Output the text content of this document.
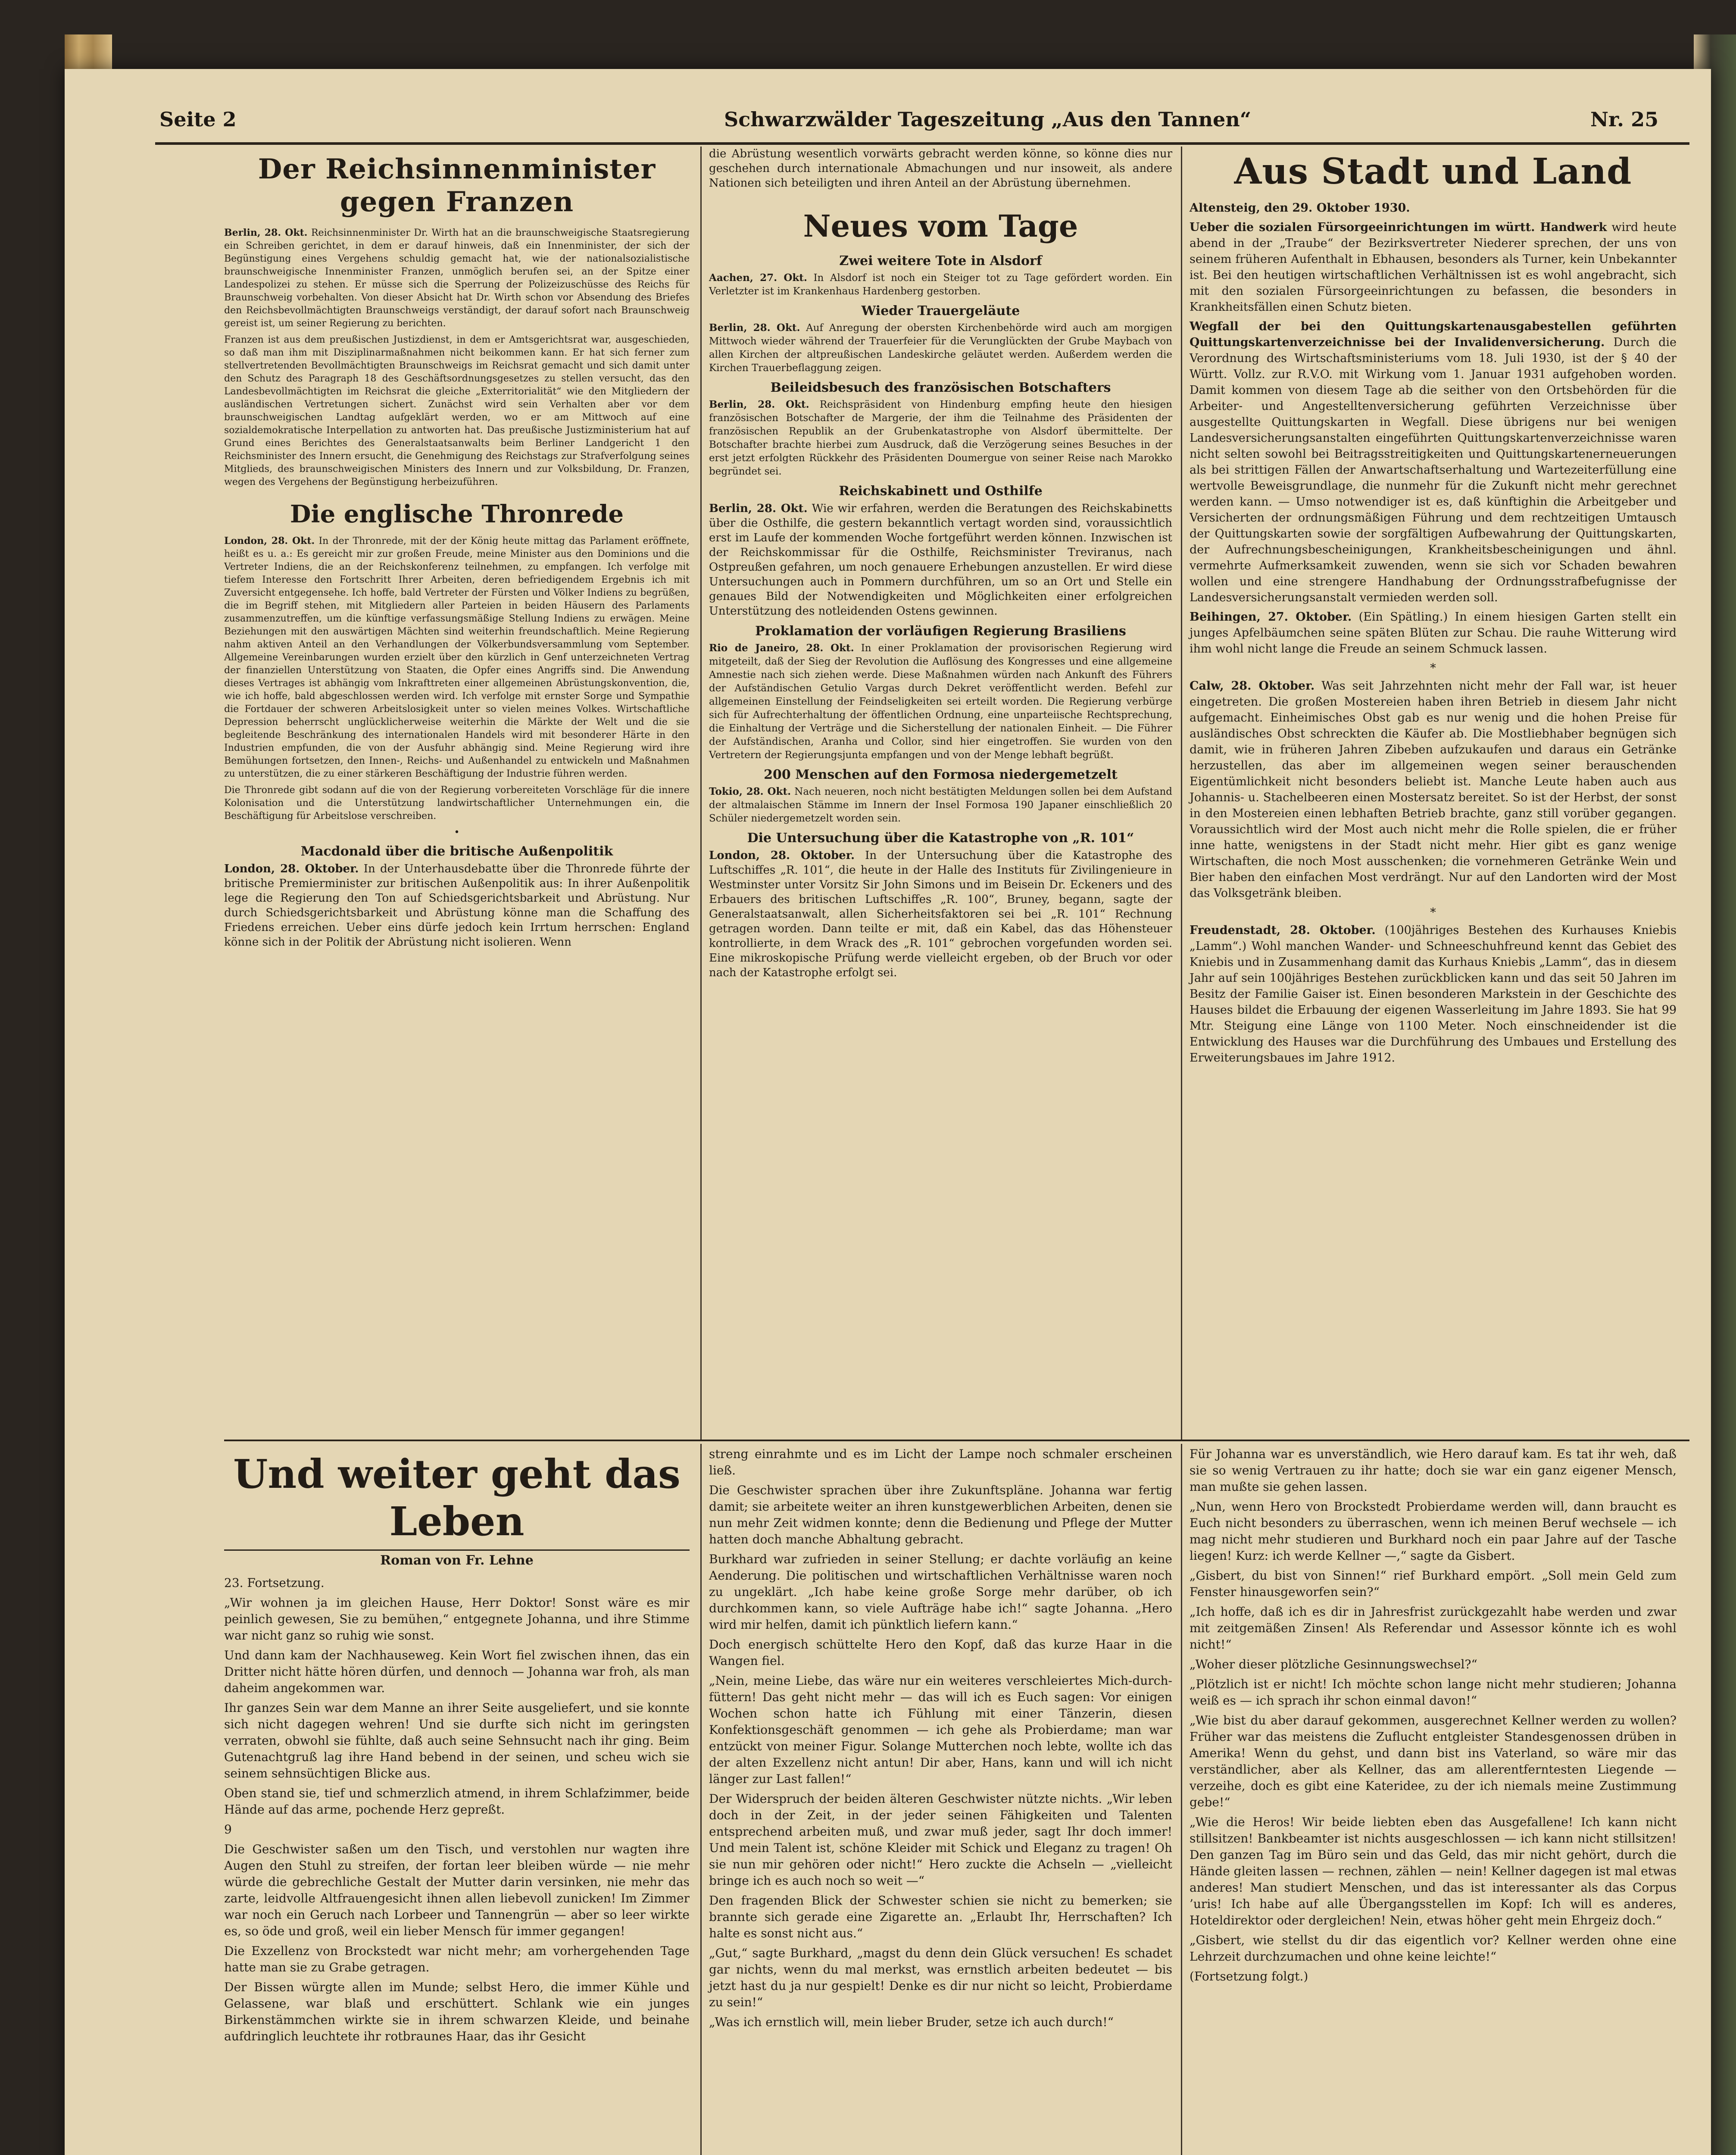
Seite 2	Schwarzwälder Tageszeitung „Aus den Tannen“	Nr. 25
Der Reichsinnenminister gegen Franzen

Berlin, 28. Okt. Reichsinnenminister Dr. Wirth hat an die braunschweigische Staatsregierung ein Schreiben gerichtet, in dem er darauf hinweis, daß ein Innenminister, der sich der Begünstigung eines Vergehens schuldig gemacht hat, wie der nationalsozialistische braunschweigische Innenminister Franzen, unmöglich berufen sei, an der Spitze einer Landespolizei zu stehen. Er müsse sich die Sperrung der Polizeizuschüsse des Reichs für Braunschweig vorbehalten. Von dieser Absicht hat Dr. Wirth schon vor Absendung des Briefes den Reichsbevollmächtigten Braunschweigs verständigt, der darauf sofort nach Braunschweig gereist ist, um seiner Regierung zu berichten.

Franzen ist aus dem preußischen Justizdienst, in dem er Amtsgerichtsrat war, ausgeschieden, so daß man ihm mit Disziplinarmaßnahmen nicht beikommen kann. Er hat sich ferner zum stellvertretenden Bevollmächtigten Braunschweigs im Reichsrat gemacht und sich damit unter den Schutz des Paragraph 18 des Geschäftsordnungsgesetzes zu stellen versucht, das den Landesbevollmächtigten im Reichsrat die gleiche „Exterritorialität“ wie den Mitgliedern der ausländischen Vertretungen sichert. Zunächst wird sein Verhalten aber vor dem braunschweigischen Landtag aufgeklärt werden, wo er am Mittwoch auf eine sozialdemokratische Interpellation zu antworten hat. Das preußische Justizministerium hat auf Grund eines Berichtes des Generalstaatsanwalts beim Berliner Landgericht 1 den Reichsminister des Innern ersucht, die Genehmigung des Reichstags zur Strafverfolgung seines Mitglieds, des braunschweigischen Ministers des Innern und zur Volksbildung, Dr. Franzen, wegen des Vergehens der Begünstigung herbeizuführen.

Die englische Thronrede

London, 28. Okt. In der Thronrede, mit der der König heute mittag das Parlament eröffnete, heißt es u. a.: Es gereicht mir zur großen Freude, meine Minister aus den Dominions und die Vertreter Indiens, die an der Reichskonferenz teilnehmen, zu empfangen. Ich verfolge mit tiefem Interesse den Fortschritt Ihrer Arbeiten, deren befriedigendem Ergebnis ich mit Zuversicht entgegensehe. Ich hoffe, bald Vertreter der Fürsten und Völker Indiens zu begrüßen, die im Begriff stehen, mit Mitgliedern aller Parteien in beiden Häusern des Parlaments zusammenzutreffen, um die künftige verfassungsmäßige Stellung Indiens zu erwägen. Meine Beziehungen mit den auswärtigen Mächten sind weiterhin freundschaftlich. Meine Regierung nahm aktiven Anteil an den Verhandlungen der Völkerbundsversammlung vom September. Allgemeine Vereinbarungen wurden erzielt über den kürzlich in Genf unterzeichneten Vertrag der finanziellen Unterstützung von Staaten, die Opfer eines Angriffs sind. Die Anwendung dieses Vertrages ist abhängig vom Inkrafttreten einer allgemeinen Abrüstungskonvention, die, wie ich hoffe, bald abgeschlossen werden wird. Ich verfolge mit ernster Sorge und Sympathie die Fortdauer der schweren Arbeitslosigkeit unter so vielen meines Volkes. Wirtschaftliche Depression beherrscht unglücklicherweise weiterhin die Märkte der Welt und die sie begleitende Beschränkung des internationalen Handels wird mit besonderer Härte in den Industrien empfunden, die von der Ausfuhr abhängig sind. Meine Regierung wird ihre Bemühungen fortsetzen, den Innen-, Reichs- und Außenhandel zu entwickeln und Maßnahmen zu unterstützen, die zu einer stärkeren Beschäftigung der Industrie führen werden.

Die Thronrede gibt sodann auf die von der Regierung vorbereiteten Vorschläge für die innere Kolonisation und die Unterstützung landwirtschaftlicher Unternehmungen ein, die Beschäftigung für Arbeitslose verschreiben.

•
Macdonald über die britische Außenpolitik

London, 28. Oktober. In der Unterhausdebatte über die Thronrede führte der britische Premierminister zur britischen Außenpolitik aus: In ihrer Außenpolitik lege die Regierung den Ton auf Schiedsgerichtsbarkeit und Abrüstung. Nur durch Schiedsgerichtsbarkeit und Abrüstung könne man die Schaffung des Friedens erreichen. Ueber eins dürfe jedoch kein Irrtum herrschen: England könne sich in der Politik der Abrüstung nicht isolieren. Wenn

die Abrüstung wesentlich vorwärts gebracht werden könne, so könne dies nur geschehen durch internationale Abmachungen und nur insoweit, als andere Nationen sich beteiligten und ihren Anteil an der Abrüstung übernehmen.

Neues vom Tage
Zwei weitere Tote in Alsdorf

Aachen, 27. Okt. In Alsdorf ist noch ein Steiger tot zu Tage gefördert worden. Ein Verletzter ist im Krankenhaus Hardenberg gestorben.

Wieder Trauergeläute

Berlin, 28. Okt. Auf Anregung der obersten Kirchenbehörde wird auch am morgigen Mittwoch wieder während der Trauerfeier für die Verunglückten der Grube Maybach von allen Kirchen der altpreußischen Landeskirche geläutet werden. Außerdem werden die Kirchen Trauerbeflaggung zeigen.

Beileidsbesuch des französischen Botschafters

Berlin, 28. Okt. Reichspräsident von Hindenburg empfing heute den hiesigen französischen Botschafter de Margerie, der ihm die Teilnahme des Präsidenten der französischen Republik an der Grubenkatastrophe von Alsdorf übermittelte. Der Botschafter brachte hierbei zum Ausdruck, daß die Verzögerung seines Besuches in der erst jetzt erfolgten Rückkehr des Präsidenten Doumergue von seiner Reise nach Marokko begründet sei.

Reichskabinett und Osthilfe

Berlin, 28. Okt. Wie wir erfahren, werden die Beratungen des Reichskabinetts über die Osthilfe, die gestern bekanntlich vertagt worden sind, voraussichtlich erst im Laufe der kommenden Woche fortgeführt werden können. Inzwischen ist der Reichskommissar für die Osthilfe, Reichsminister Treviranus, nach Ostpreußen gefahren, um noch genauere Erhebungen anzustellen. Er wird diese Untersuchungen auch in Pommern durchführen, um so an Ort und Stelle ein genaues Bild der Notwendigkeiten und Möglichkeiten einer erfolgreichen Unterstützung des notleidenden Ostens gewinnen.

Proklamation der vorläufigen Regierung Brasiliens

Rio de Janeiro, 28. Okt. In einer Proklamation der provisorischen Regierung wird mitgeteilt, daß der Sieg der Revolution die Auflösung des Kongresses und eine allgemeine Amnestie nach sich ziehen werde. Diese Maßnahmen würden nach Ankunft des Führers der Aufständischen Getulio Vargas durch Dekret veröffentlicht werden. Befehl zur allgemeinen Einstellung der Feindseligkeiten sei erteilt worden. Die Regierung verbürge sich für Aufrechterhaltung der öffentlichen Ordnung, eine unparteiische Rechtsprechung, die Einhaltung der Verträge und die Sicherstellung der nationalen Einheit. — Die Führer der Aufständischen, Aranha und Collor, sind hier eingetroffen. Sie wurden von den Vertretern der Regierungsjunta empfangen und von der Menge lebhaft begrüßt.

200 Menschen auf den Formosa niedergemetzelt

Tokio, 28. Okt. Nach neueren, noch nicht bestätigten Meldungen sollen bei dem Aufstand der altmalaischen Stämme im Innern der Insel Formosa 190 Japaner einschließlich 20 Schüler niedergemetzelt worden sein.

Die Untersuchung über die Katastrophe von „R. 101“

London, 28. Oktober. In der Untersuchung über die Katastrophe des Luftschiffes „R. 101“, die heute in der Halle des Instituts für Zivilingenieure in Westminster unter Vorsitz Sir John Simons und im Beisein Dr. Eckeners und des Erbauers des britischen Luftschiffes „R. 100“, Bruney, begann, sagte der Generalstaatsanwalt, allen Sicherheitsfaktoren sei bei „R. 101“ Rechnung getragen worden. Dann teilte er mit, daß ein Kabel, das das Höhensteuer kontrollierte, in dem Wrack des „R. 101“ gebrochen vorgefunden worden sei. Eine mikroskopische Prüfung werde vielleicht ergeben, ob der Bruch vor oder nach der Katastrophe erfolgt sei.

Aus Stadt und Land

Altensteig, den 29. Oktober 1930.

Ueber die sozialen Fürsorgeeinrichtungen im württ. Handwerk wird heute abend in der „Traube“ der Bezirksvertreter Niederer sprechen, der uns von seinem früheren Aufenthalt in Ebhausen, besonders als Turner, kein Unbekannter ist. Bei den heutigen wirtschaftlichen Verhältnissen ist es wohl angebracht, sich mit den sozialen Fürsorgeeinrichtungen zu befassen, die besonders in Krankheitsfällen einen Schutz bieten.

Wegfall der bei den Quittungskartenausgabestellen geführten Quittungskartenverzeichnisse bei der Invalidenversicherung. Durch die Verordnung des Wirtschaftsministeriums vom 18. Juli 1930, ist der § 40 der Württ. Vollz. zur R.V.O. mit Wirkung vom 1. Januar 1931 aufgehoben worden. Damit kommen von diesem Tage ab die seither von den Ortsbehörden für die Arbeiter- und Angestelltenversicherung geführten Verzeichnisse über ausgestellte Quittungskarten in Wegfall. Diese übrigens nur bei wenigen Landesversicherungsanstalten eingeführten Quittungskartenverzeichnisse waren nicht selten sowohl bei Beitragsstreitigkeiten und Quittungskartenerneuerungen als bei strittigen Fällen der Anwartschaftserhaltung und Wartezeiterfüllung eine wertvolle Beweisgrundlage, die nunmehr für die Zukunft nicht mehr gerechnet werden kann. — Umso notwendiger ist es, daß künftighin die Arbeitgeber und Versicherten der ordnungsmäßigen Führung und dem rechtzeitigen Umtausch der Quittungskarten sowie der sorgfältigen Aufbewahrung der Quittungskarten, der Aufrechnungsbescheinigungen, Krankheitsbescheinigungen und ähnl. vermehrte Aufmerksamkeit zuwenden, wenn sie sich vor Schaden bewahren wollen und eine strengere Handhabung der Ordnungsstrafbefugnisse der Landesversicherungsanstalt vermieden werden soll.

Beihingen, 27. Oktober. (Ein Spätling.) In einem hiesigen Garten stellt ein junges Apfelbäumchen seine späten Blüten zur Schau. Die rauhe Witterung wird ihm wohl nicht lange die Freude an seinem Schmuck lassen.

*

Calw, 28. Oktober. Was seit Jahrzehnten nicht mehr der Fall war, ist heuer eingetreten. Die großen Mostereien haben ihren Betrieb in diesem Jahr nicht aufgemacht. Einheimisches Obst gab es nur wenig und die hohen Preise für ausländisches Obst schreckten die Käufer ab. Die Mostliebhaber begnügen sich damit, wie in früheren Jahren Zibeben aufzukaufen und daraus ein Getränke herzustellen, das aber im allgemeinen wegen seiner berauschenden Eigentümlichkeit nicht besonders beliebt ist. Manche Leute haben auch aus Johannis- u. Stachelbeeren einen Mostersatz bereitet. So ist der Herbst, der sonst in den Mostereien einen lebhaften Betrieb brachte, ganz still vorüber gegangen. Voraussichtlich wird der Most auch nicht mehr die Rolle spielen, die er früher inne hatte, wenigstens in der Stadt nicht mehr. Hier gibt es ganz wenige Wirtschaften, die noch Most ausschenken; die vornehmeren Getränke Wein und Bier haben den einfachen Most verdrängt. Nur auf den Landorten wird der Most das Volksgetränk bleiben.

*

Freudenstadt, 28. Oktober. (100jähriges Bestehen des Kurhauses Kniebis „Lamm“.) Wohl manchen Wander- und Schneeschuhfreund kennt das Gebiet des Kniebis und in Zusammenhang damit das Kurhaus Kniebis „Lamm“, das in diesem Jahr auf sein 100jähriges Bestehen zurückblicken kann und das seit 50 Jahren im Besitz der Familie Gaiser ist. Einen besonderen Markstein in der Geschichte des Hauses bildet die Erbauung der eigenen Wasserleitung im Jahre 1893. Sie hat 99 Mtr. Steigung eine Länge von 1100 Meter. Noch einschneidender ist die Entwicklung des Hauses war die Durchführung des Umbaues und Erstellung des Erweiterungsbaues im Jahre 1912.

Und weiter geht das Leben
Roman von Fr. Lehne

23. Fortsetzung.

„Wir wohnen ja im gleichen Hause, Herr Doktor! Sonst wäre es mir peinlich gewesen, Sie zu bemühen,“ entgegnete Johanna, und ihre Stimme war nicht ganz so ruhig wie sonst.

Und dann kam der Nachhauseweg. Kein Wort fiel zwischen ihnen, das ein Dritter nicht hätte hören dürfen, und dennoch — Johanna war froh, als man daheim angekommen war.

Ihr ganzes Sein war dem Manne an ihrer Seite ausgeliefert, und sie konnte sich nicht dagegen wehren! Und sie durfte sich nicht im geringsten verraten, obwohl sie fühlte, daß auch seine Sehnsucht nach ihr ging. Beim Gutenachtgruß lag ihre Hand bebend in der seinen, und scheu wich sie seinem sehnsüchtigen Blicke aus.

Oben stand sie, tief und schmerzlich atmend, in ihrem Schlafzimmer, beide Hände auf das arme, pochende Herz gepreßt.

9

Die Geschwister saßen um den Tisch, und verstohlen nur wagten ihre Augen den Stuhl zu streifen, der fortan leer bleiben würde — nie mehr würde die gebrechliche Gestalt der Mutter darin versinken, nie mehr das zarte, leidvolle Altfrauengesicht ihnen allen liebevoll zunicken! Im Zimmer war noch ein Geruch nach Lorbeer und Tannengrün — aber so leer wirkte es, so öde und groß, weil ein lieber Mensch für immer gegangen!

Die Exzellenz von Brockstedt war nicht mehr; am vorhergehenden Tage hatte man sie zu Grabe getragen.

Der Bissen würgte allen im Munde; selbst Hero, die immer Kühle und Gelassene, war blaß und erschüttert. Schlank wie ein junges Birkenstämmchen wirkte sie in ihrem schwarzen Kleide, und beinahe aufdringlich leuchtete ihr rotbraunes Haar, das ihr Gesicht

streng einrahmte und es im Licht der Lampe noch schmaler erscheinen ließ.

Die Geschwister sprachen über ihre Zukunftspläne. Johanna war fertig damit; sie arbeitete weiter an ihren kunstgewerblichen Arbeiten, denen sie nun mehr Zeit widmen konnte; denn die Bedienung und Pflege der Mutter hatten doch manche Abhaltung gebracht.

Burkhard war zufrieden in seiner Stellung; er dachte vorläufig an keine Aenderung. Die politischen und wirtschaftlichen Verhältnisse waren noch zu ungeklärt. „Ich habe keine große Sorge mehr darüber, ob ich durchkommen kann, so viele Aufträge habe ich!“ sagte Johanna. „Hero wird mir helfen, damit ich pünktlich liefern kann.“

Doch energisch schüttelte Hero den Kopf, daß das kurze Haar in die Wangen fiel.

„Nein, meine Liebe, das wäre nur ein weiteres verschleiertes Mich-durch-füttern! Das geht nicht mehr — das will ich es Euch sagen: Vor einigen Wochen schon hatte ich Fühlung mit einer Tänzerin, diesen Konfektionsgeschäft genommen — ich gehe als Probierdame; man war entzückt von meiner Figur. Solange Mutterchen noch lebte, wollte ich das der alten Exzellenz nicht antun! Dir aber, Hans, kann und will ich nicht länger zur Last fallen!“

Der Widerspruch der beiden älteren Geschwister nützte nichts. „Wir leben doch in der Zeit, in der jeder seinen Fähigkeiten und Talenten entsprechend arbeiten muß, und zwar muß jeder, sagt Ihr doch immer! Und mein Talent ist, schöne Kleider mit Schick und Eleganz zu tragen! Oh sie nun mir gehören oder nicht!“ Hero zuckte die Achseln — „vielleicht bringe ich es auch noch so weit —“

Den fragenden Blick der Schwester schien sie nicht zu bemerken; sie brannte sich gerade eine Zigarette an. „Erlaubt Ihr, Herrschaften? Ich halte es sonst nicht aus.“

„Gut,“ sagte Burkhard, „magst du denn dein Glück versuchen! Es schadet gar nichts, wenn du mal merkst, was ernstlich arbeiten bedeutet — bis jetzt hast du ja nur gespielt! Denke es dir nur nicht so leicht, Probierdame zu sein!“

„Was ich ernstlich will, mein lieber Bruder, setze ich auch durch!“

Für Johanna war es unverständlich, wie Hero darauf kam. Es tat ihr weh, daß sie so wenig Vertrauen zu ihr hatte; doch sie war ein ganz eigener Mensch, man mußte sie gehen lassen.

„Nun, wenn Hero von Brockstedt Probierdame werden will, dann braucht es Euch nicht besonders zu überraschen, wenn ich meinen Beruf wechsele — ich mag nicht mehr studieren und Burkhard noch ein paar Jahre auf der Tasche liegen! Kurz: ich werde Kellner —,“ sagte da Gisbert.

„Gisbert, du bist von Sinnen!“ rief Burkhard empört. „Soll mein Geld zum Fenster hinausgeworfen sein?“

„Ich hoffe, daß ich es dir in Jahresfrist zurückgezahlt habe werden und zwar mit zeitgemäßen Zinsen! Als Referendar und Assessor könnte ich es wohl nicht!“

„Woher dieser plötzliche Gesinnungswechsel?“

„Plötzlich ist er nicht! Ich möchte schon lange nicht mehr studieren; Johanna weiß es — ich sprach ihr schon einmal davon!“

„Wie bist du aber darauf gekommen, ausgerechnet Kellner werden zu wollen? Früher war das meistens die Zuflucht entgleister Standesgenossen drüben in Amerika! Wenn du gehst, und dann bist ins Vaterland, so wäre mir das verständlicher, aber als Kellner, das am allerentferntesten Liegende — verzeihe, doch es gibt eine Kateridee, zu der ich niemals meine Zustimmung gebe!“

„Wie die Heros! Wir beide liebten eben das Ausgefallene! Ich kann nicht stillsitzen! Bankbeamter ist nichts ausgeschlossen — ich kann nicht stillsitzen! Den ganzen Tag im Büro sein und das Geld, das mir nicht gehört, durch die Hände gleiten lassen — rechnen, zählen — nein! Kellner dagegen ist mal etwas anderes! Man studiert Menschen, und das ist interessanter als das Corpus ’uris! Ich habe auf alle Übergangsstellen im Kopf: Ich will es anderes, Hoteldirektor oder dergleichen! Nein, etwas höher geht mein Ehrgeiz doch.“

„Gisbert, wie stellst du dir das eigentlich vor? Kellner werden ohne eine Lehrzeit durchzumachen und ohne keine leichte!“

(Fortsetzung folgt.)
